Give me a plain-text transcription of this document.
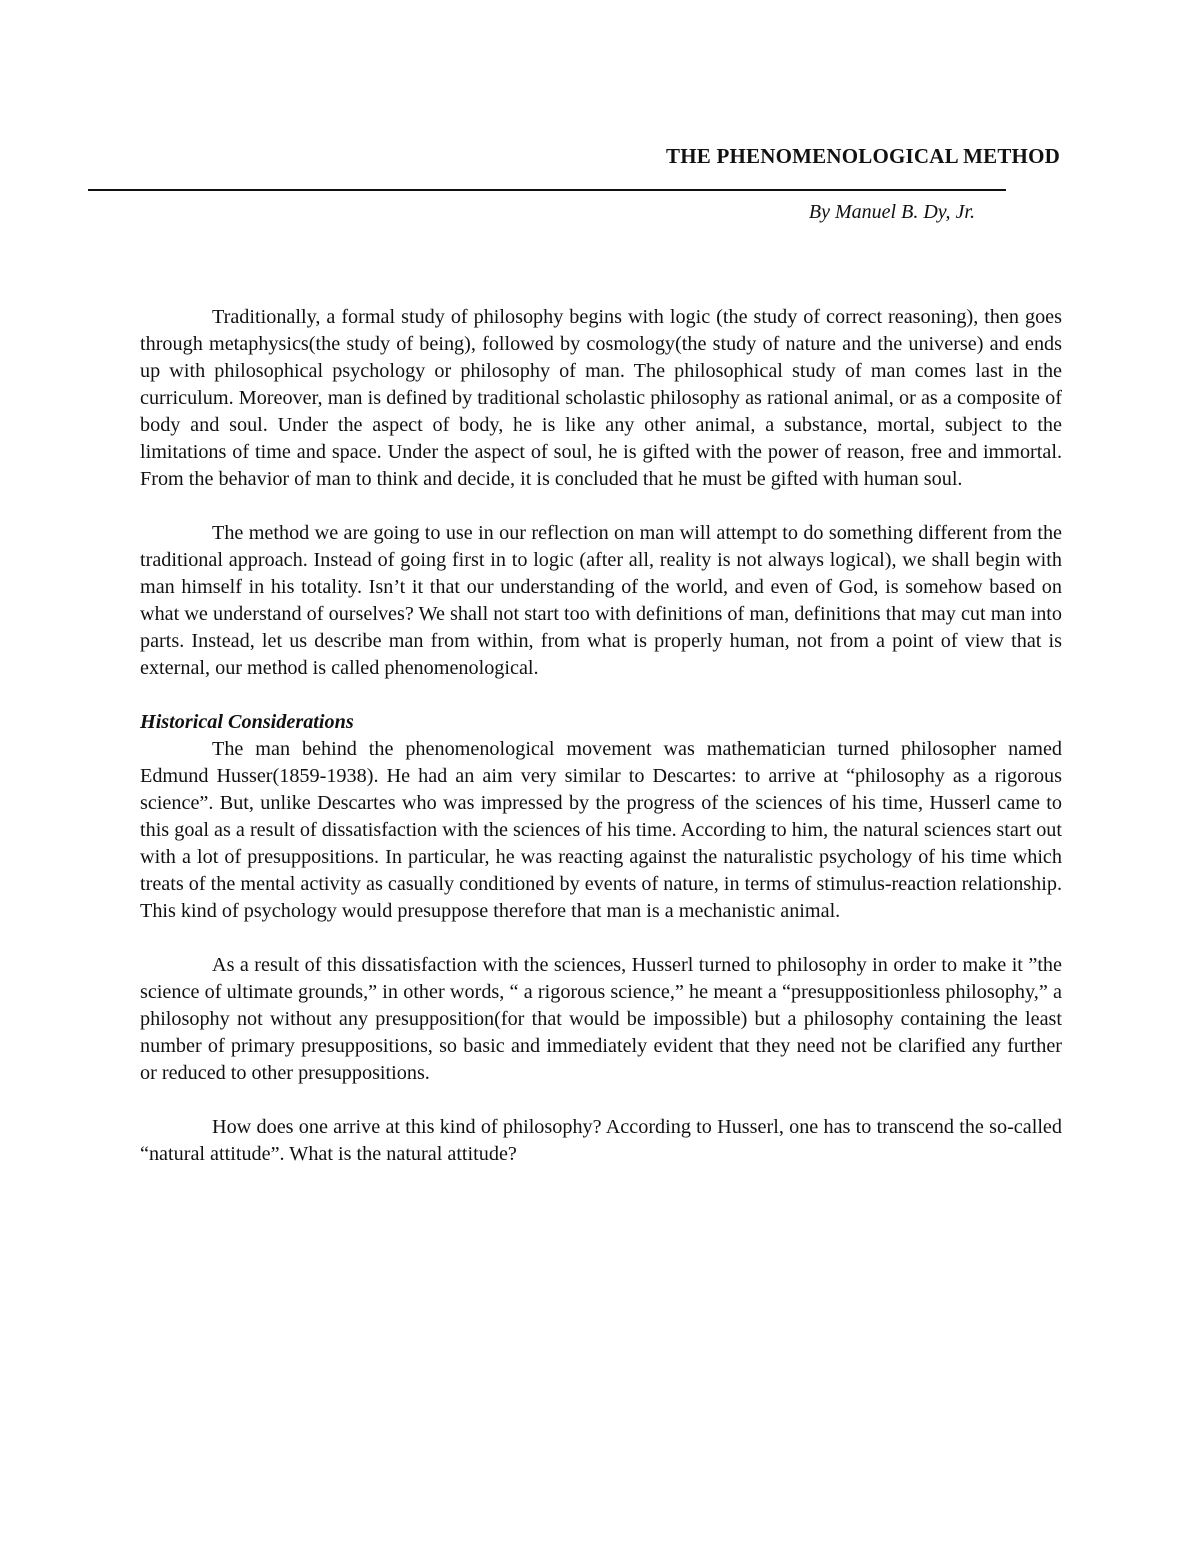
THE PHENOMENOLOGICAL METHOD
By Manuel B. Dy, Jr.

Traditionally, a formal study of philosophy begins with logic (the study of correct reasoning), then goes through metaphysics(the study of being), followed by cosmology(the study of nature and the universe) and ends up with philosophical psychology or philosophy of man. The philosophical study of man comes last in the curriculum. Moreover, man is defined by traditional scholastic philosophy as rational animal, or as a composite of body and soul. Under the aspect of body, he is like any other animal, a substance, mortal, subject to the limitations of time and space. Under the aspect of soul, he is gifted with the power of reason, free and immortal. From the behavior of man to think and decide, it is concluded that he must be gifted with human soul.

The method we are going to use in our reflection on man will attempt to do something different from the traditional approach. Instead of going first in to logic (after all, reality is not always logical), we shall begin with man himself in his totality. Isn’t it that our understanding of the world, and even of God, is somehow based on what we understand of ourselves? We shall not start too with definitions of man, definitions that may cut man into parts. Instead, let us describe man from within, from what is properly human, not from a point of view that is external, our method is called phenomenological.

Historical Considerations

The man behind the phenomenological movement was mathematician turned philosopher named Edmund Husser(1859-1938). He had an aim very similar to Descartes: to arrive at “philosophy as a rigorous science”. But, unlike Descartes who was impressed by the progress of the sciences of his time, Husserl came to this goal as a result of dissatisfaction with the sciences of his time. According to him, the natural sciences start out with a lot of presuppositions. In particular, he was reacting against the naturalistic psychology of his time which treats of the mental activity as casually conditioned by events of nature, in terms of stimulus-reaction relationship. This kind of psychology would presuppose therefore that man is a mechanistic animal.

As a result of this dissatisfaction with the sciences, Husserl turned to philosophy in order to make it ”the science of ultimate grounds,” in other words, “ a rigorous science,” he meant a “presuppositionless philosophy,” a philosophy not without any presupposition(for that would be impossible) but a philosophy containing the least number of primary presuppositions, so basic and immediately evident that they need not be clarified any further or reduced to other presuppositions.

How does one arrive at this kind of philosophy? According to Husserl, one has to transcend the so-called “natural attitude”. What is the natural attitude?
